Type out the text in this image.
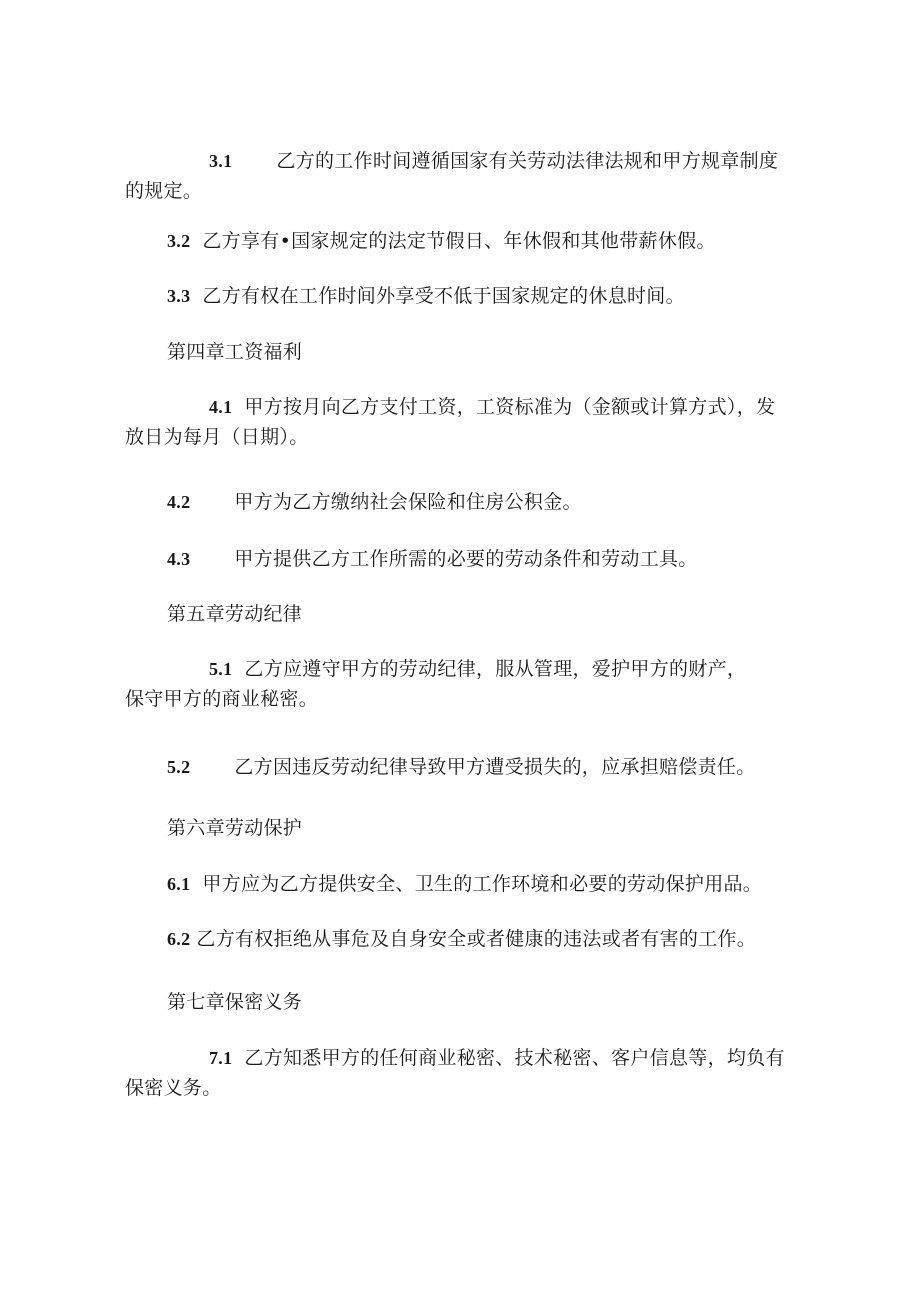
3.1 乙方的工作时间遵循国家有关劳动法律法规和甲方规章制度的规定。
3.2 乙方享有•国家规定的法定节假日、年休假和其他带薪休假。
3.3 乙方有权在工作时间外享受不低于国家规定的休息时间。
第四章工资福利
4.1 甲方按月向乙方支付工资，工资标准为（金额或计算方式），发放日为每月（日期）。
4.2 甲方为乙方缴纳社会保险和住房公积金。
4.3 甲方提供乙方工作所需的必要的劳动条件和劳动工具。
第五章劳动纪律
5.1 乙方应遵守甲方的劳动纪律，服从管理，爱护甲方的财产，保守甲方的商业秘密。
5.2 乙方因违反劳动纪律导致甲方遭受损失的，应承担赔偿责任。
第六章劳动保护
6.1 甲方应为乙方提供安全、卫生的工作环境和必要的劳动保护用品。
6.2 乙方有权拒绝从事危及自身安全或者健康的违法或者有害的工作。
第七章保密义务
7.1 乙方知悉甲方的任何商业秘密、技术秘密、客户信息等，均负有保密义务。
